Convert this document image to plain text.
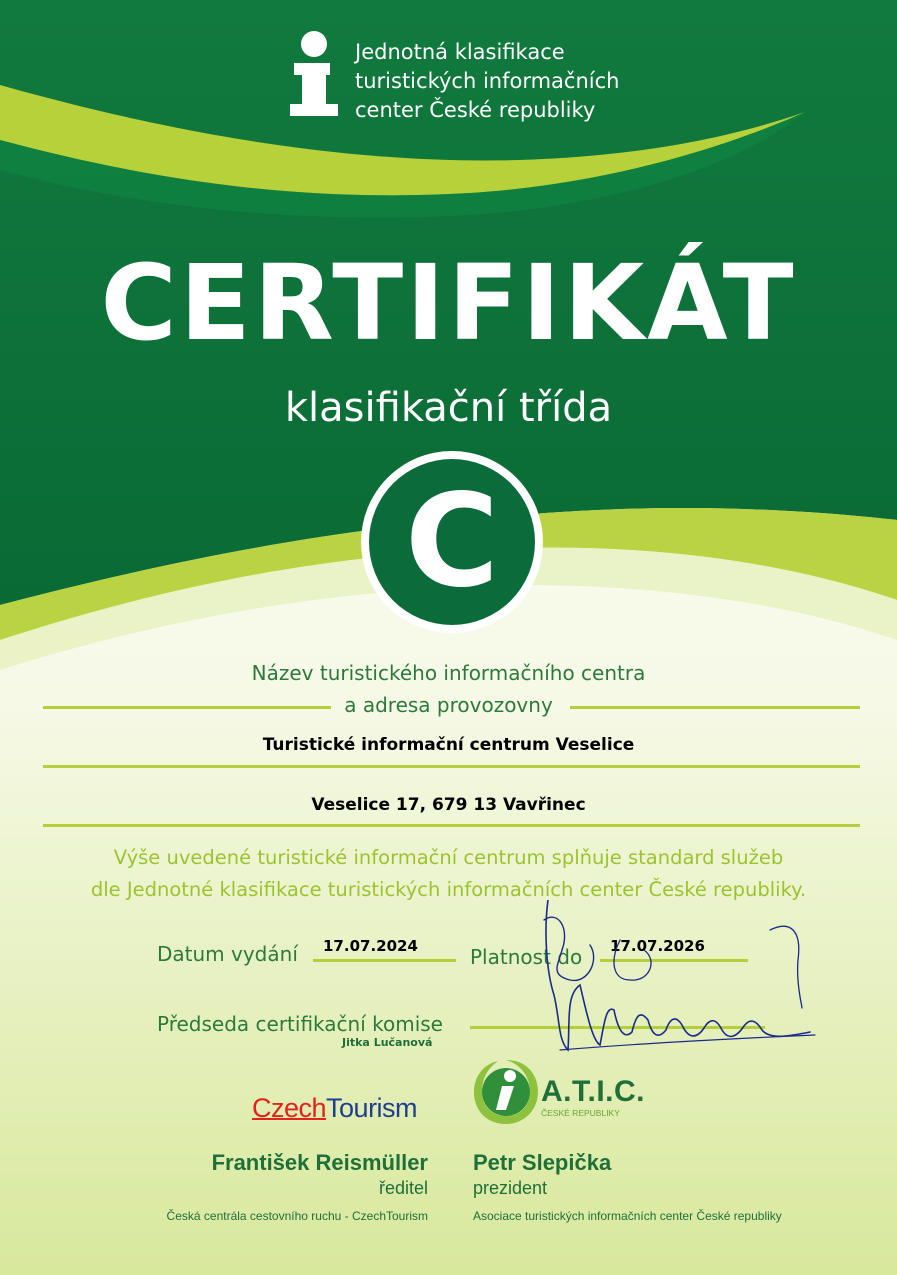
Jednotná klasifikace
turistických informačních
center České republiky
CERTIFIKÁT
klasifikační třída
C
Název turistického informačního centra
a adresa provozovny
Turistické informační centrum Veselice
Veselice 17, 679 13 Vavřinec
Výše uvedené turistické informační centrum splňuje standard služeb
dle Jednotné klasifikace turistických informačních center České republiky.
Datum vydání 17.07.2024	Platnost do 17.07.2026
Předseda certifikační komise
Jitka Lučanová
CzechTourism	A.T.I.C.
ČESKÉ REPUBLIKY
František Reismüller
ředitel
Česká centrála cestovního ruchu - CzechTourism
Petr Slepička
prezident
Asociace turistických informačních center České republiky
